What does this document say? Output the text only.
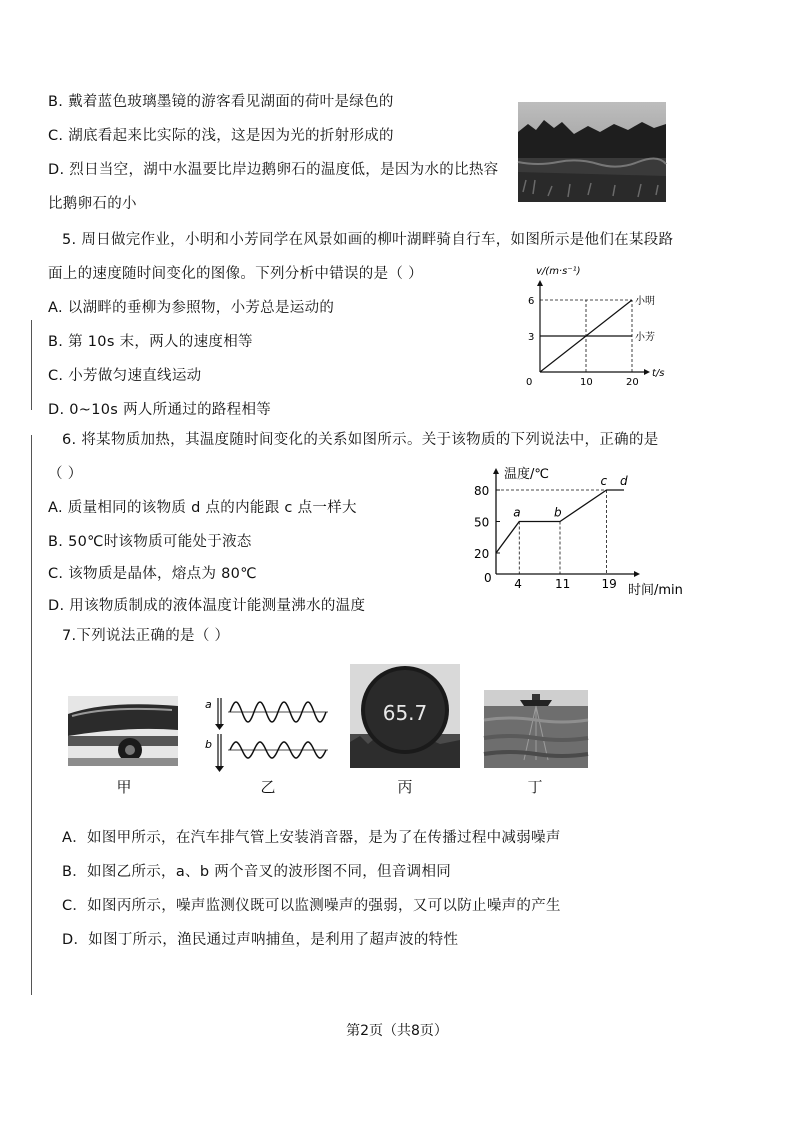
B. 戴着蓝色玻璃墨镜的游客看见湖面的荷叶是绿色的
C. 湖底看起来比实际的浅，这是因为光的折射形成的
D. 烈日当空，湖中水温要比岸边鹅卵石的温度低，是因为水的比热容
比鹅卵石的小
5. 周日做完作业，小明和小芳同学在风景如画的柳叶湖畔骑自行车，如图所示是他们在某段路
面上的速度随时间变化的图像。下列分析中错误的是（ ）
A. 以湖畔的垂柳为参照物，小芳总是运动的
B. 第 10s 末，两人的速度相等
C. 小芳做匀速直线运动
D. 0~10s 两人所通过的路程相等
v/(m·s⁻¹)
t/s
0	10	20
3
6	小明
小芳
6. 将某物质加热，其温度随时间变化的关系如图所示。关于该物质的下列说法中，正确的是
（ ）
A. 质量相同的该物质 d 点的内能跟 c 点一样大
B. 50℃时该物质可能处于液态
C. 该物质是晶体，熔点为 80℃
D. 用该物质制成的液体温度计能测量沸水的温度
温度/℃
时间/min
20
50
80
0 4	11	19
a	b
c d
7.下列说法正确的是（ ）
a
b
65.7
甲	乙	丙	丁
A．如图甲所示，在汽车排气管上安装消音器，是为了在传播过程中减弱噪声
B．如图乙所示，a、b 两个音叉的波形图不同，但音调相同
C．如图丙所示，噪声监测仪既可以监测噪声的强弱，又可以防止噪声的产生
D．如图丁所示，渔民通过声呐捕鱼，是利用了超声波的特性
第2页（共8页）
